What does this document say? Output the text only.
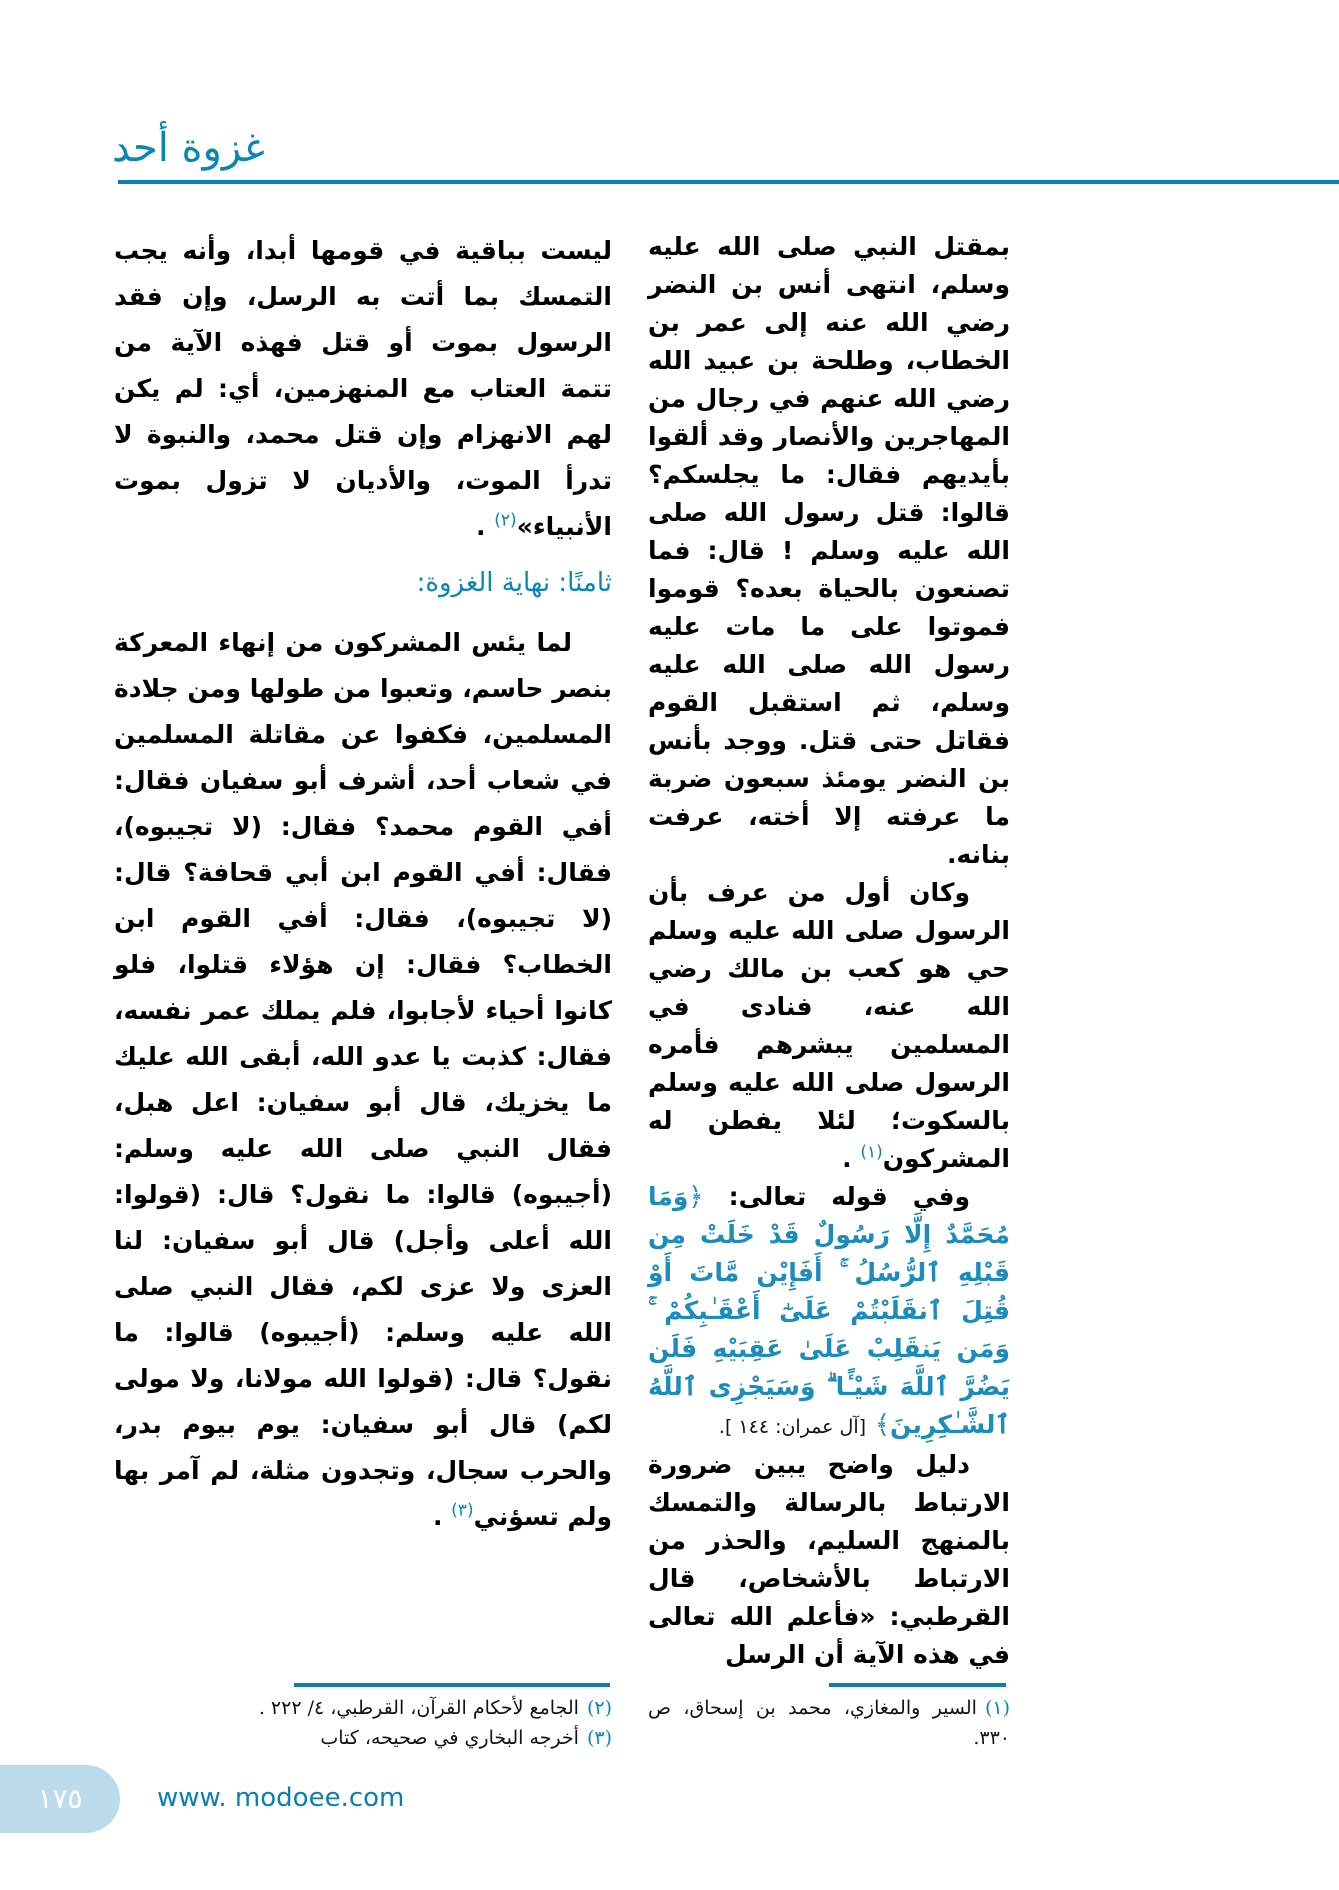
غزوة أحد

بمقتل النبي صلى الله عليه وسلم، انتهى أنس بن النضر رضي الله عنه إلى عمر بن الخطاب، وطلحة بن عبيد الله رضي الله عنهم في رجال من المهاجرين والأنصار وقد ألقوا بأيديهم فقال: ما يجلسكم؟ قالوا: قتل رسول الله صلى الله عليه وسلم ! قال: فما تصنعون بالحياة بعده؟ قوموا فموتوا على ما مات عليه رسول الله صلى الله عليه وسلم، ثم استقبل القوم فقاتل حتى قتل. ووجد بأنس بن النضر يومئذ سبعون ضربة ما عرفته إلا أخته، عرفت بنانه.

وكان أول من عرف بأن الرسول صلى الله عليه وسلم حي هو كعب بن مالك رضي الله عنه، فنادى في المسلمين يبشرهم فأمره الرسول صلى الله عليه وسلم بالسكوت؛ لئلا يفطن له المشركون$^{(١)}$ .

وفي قوله تعالى: ﴿وَمَا مُحَمَّدٌ إِلَّا رَسُولٌ قَدْ خَلَتْ مِن قَبْلِهِ ٱلرُّسُلُ ۚ أَفَإِيْن مَّاتَ أَوْ قُتِلَ ٱنقَلَبْتُمْ عَلَىٰٓ أَعْقَـٰبِكُمْ ۚ وَمَن يَنقَلِبْ عَلَىٰ عَقِبَيْهِ فَلَن يَضُرَّ ٱللَّهَ شَيْـًٔا ۗ وَسَيَجْزِى ٱللَّهُ ٱلشَّـٰكِرِينَ﴾ [آل عمران: ١٤٤ ].

دليل واضح يبين ضرورة الارتباط بالرسالة والتمسك بالمنهج السليم، والحذر من الارتباط بالأشخاص، قال القرطبي: «فأعلم الله تعالى في هذه الآية أن الرسل

(١)السير والمغازي، محمد بن إسحاق، ص ٣٣٠.

ليست بباقية في قومها أبدا، وأنه يجب التمسك بما أتت به الرسل، وإن فقد الرسول بموت أو قتل فهذه الآية من تتمة العتاب مع المنهزمين، أي: لم يكن لهم الانهزام وإن قتل محمد، والنبوة لا تدرأ الموت، والأديان لا تزول بموت الأنبياء»$^{(٢)}$ .

ثامنًا: نهاية الغزوة:

لما يئس المشركون من إنهاء المعركة بنصر حاسم، وتعبوا من طولها ومن جلادة المسلمين، فكفوا عن مقاتلة المسلمين في شعاب أحد، أشرف أبو سفيان فقال: أفي القوم محمد؟ فقال: (لا تجيبوه)، فقال: أفي القوم ابن أبي قحافة؟ قال: (لا تجيبوه)، فقال: أفي القوم ابن الخطاب؟ فقال: إن هؤلاء قتلوا، فلو كانوا أحياء لأجابوا، فلم يملك عمر نفسه، فقال: كذبت يا عدو الله، أبقى الله عليك ما يخزيك، قال أبو سفيان: اعل هبل، فقال النبي صلى الله عليه وسلم: (أجيبوه) قالوا: ما نقول؟ قال: (قولوا: الله أعلى وأجل) قال أبو سفيان: لنا العزى ولا عزى لكم، فقال النبي صلى الله عليه وسلم: (أجيبوه) قالوا: ما نقول؟ قال: (قولوا الله مولانا، ولا مولى لكم) قال أبو سفيان: يوم بيوم بدر، والحرب سجال، وتجدون مثلة، لم آمر بها ولم تسؤني$^{(٣)}$ .

(٢)الجامع لأحكام القرآن، القرطبي، ٤/ ٢٢٢ .

(٣)أخرجه البخاري في صحيحه، كتاب

١٧٥	www. modoee.com
